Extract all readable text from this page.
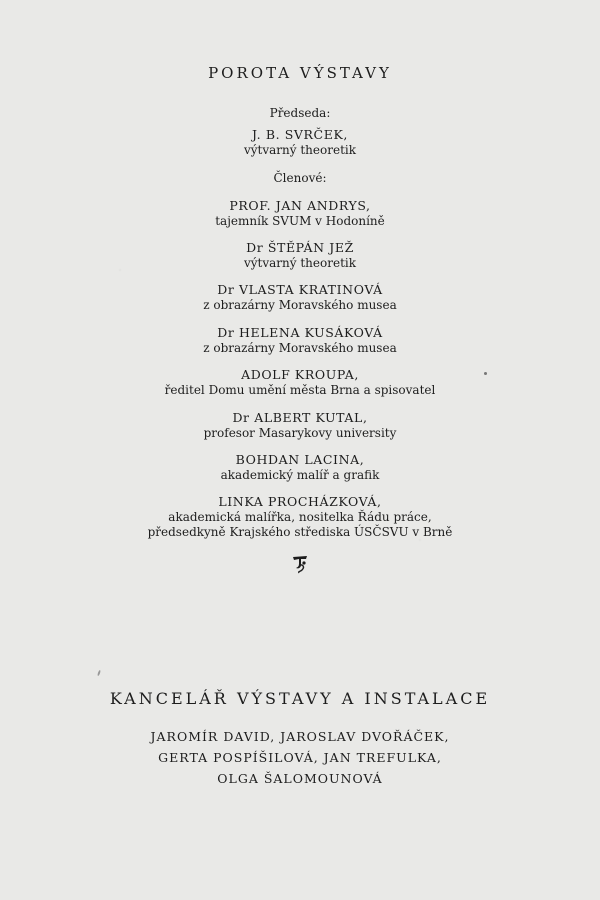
POROTA VÝSTAVY
Předseda:
J. B. SVRČEK,
výtvarný theoretik
Členové:
PROF. JAN ANDRYS,
tajemník SVUM v Hodoníně
Dr ŠTĚPÁN JEŽ
výtvarný theoretik
Dr VLASTA KRATINOVÁ
z obrazárny Moravského musea
Dr HELENA KUSÁKOVÁ
z obrazárny Moravského musea
ADOLF KROUPA,
ředitel Domu umění města Brna a spisovatel
Dr ALBERT KUTAL,
profesor Masarykovy university
BOHDAN LACINA,
akademický malíř a grafik
LINKA PROCHÁZKOVÁ,
akademická malířka, nositelka Řádu práce,
předsedkyně Krajského střediska ÚSČSVU v Brně
KANCELÁŘ VÝSTAVY A INSTALACE
JAROMÍR DAVID, JAROSLAV DVOŘÁČEK,
GERTA POSPÍŠILOVÁ, JAN TREFULKA,
OLGA ŠALOMOUNOVÁ
